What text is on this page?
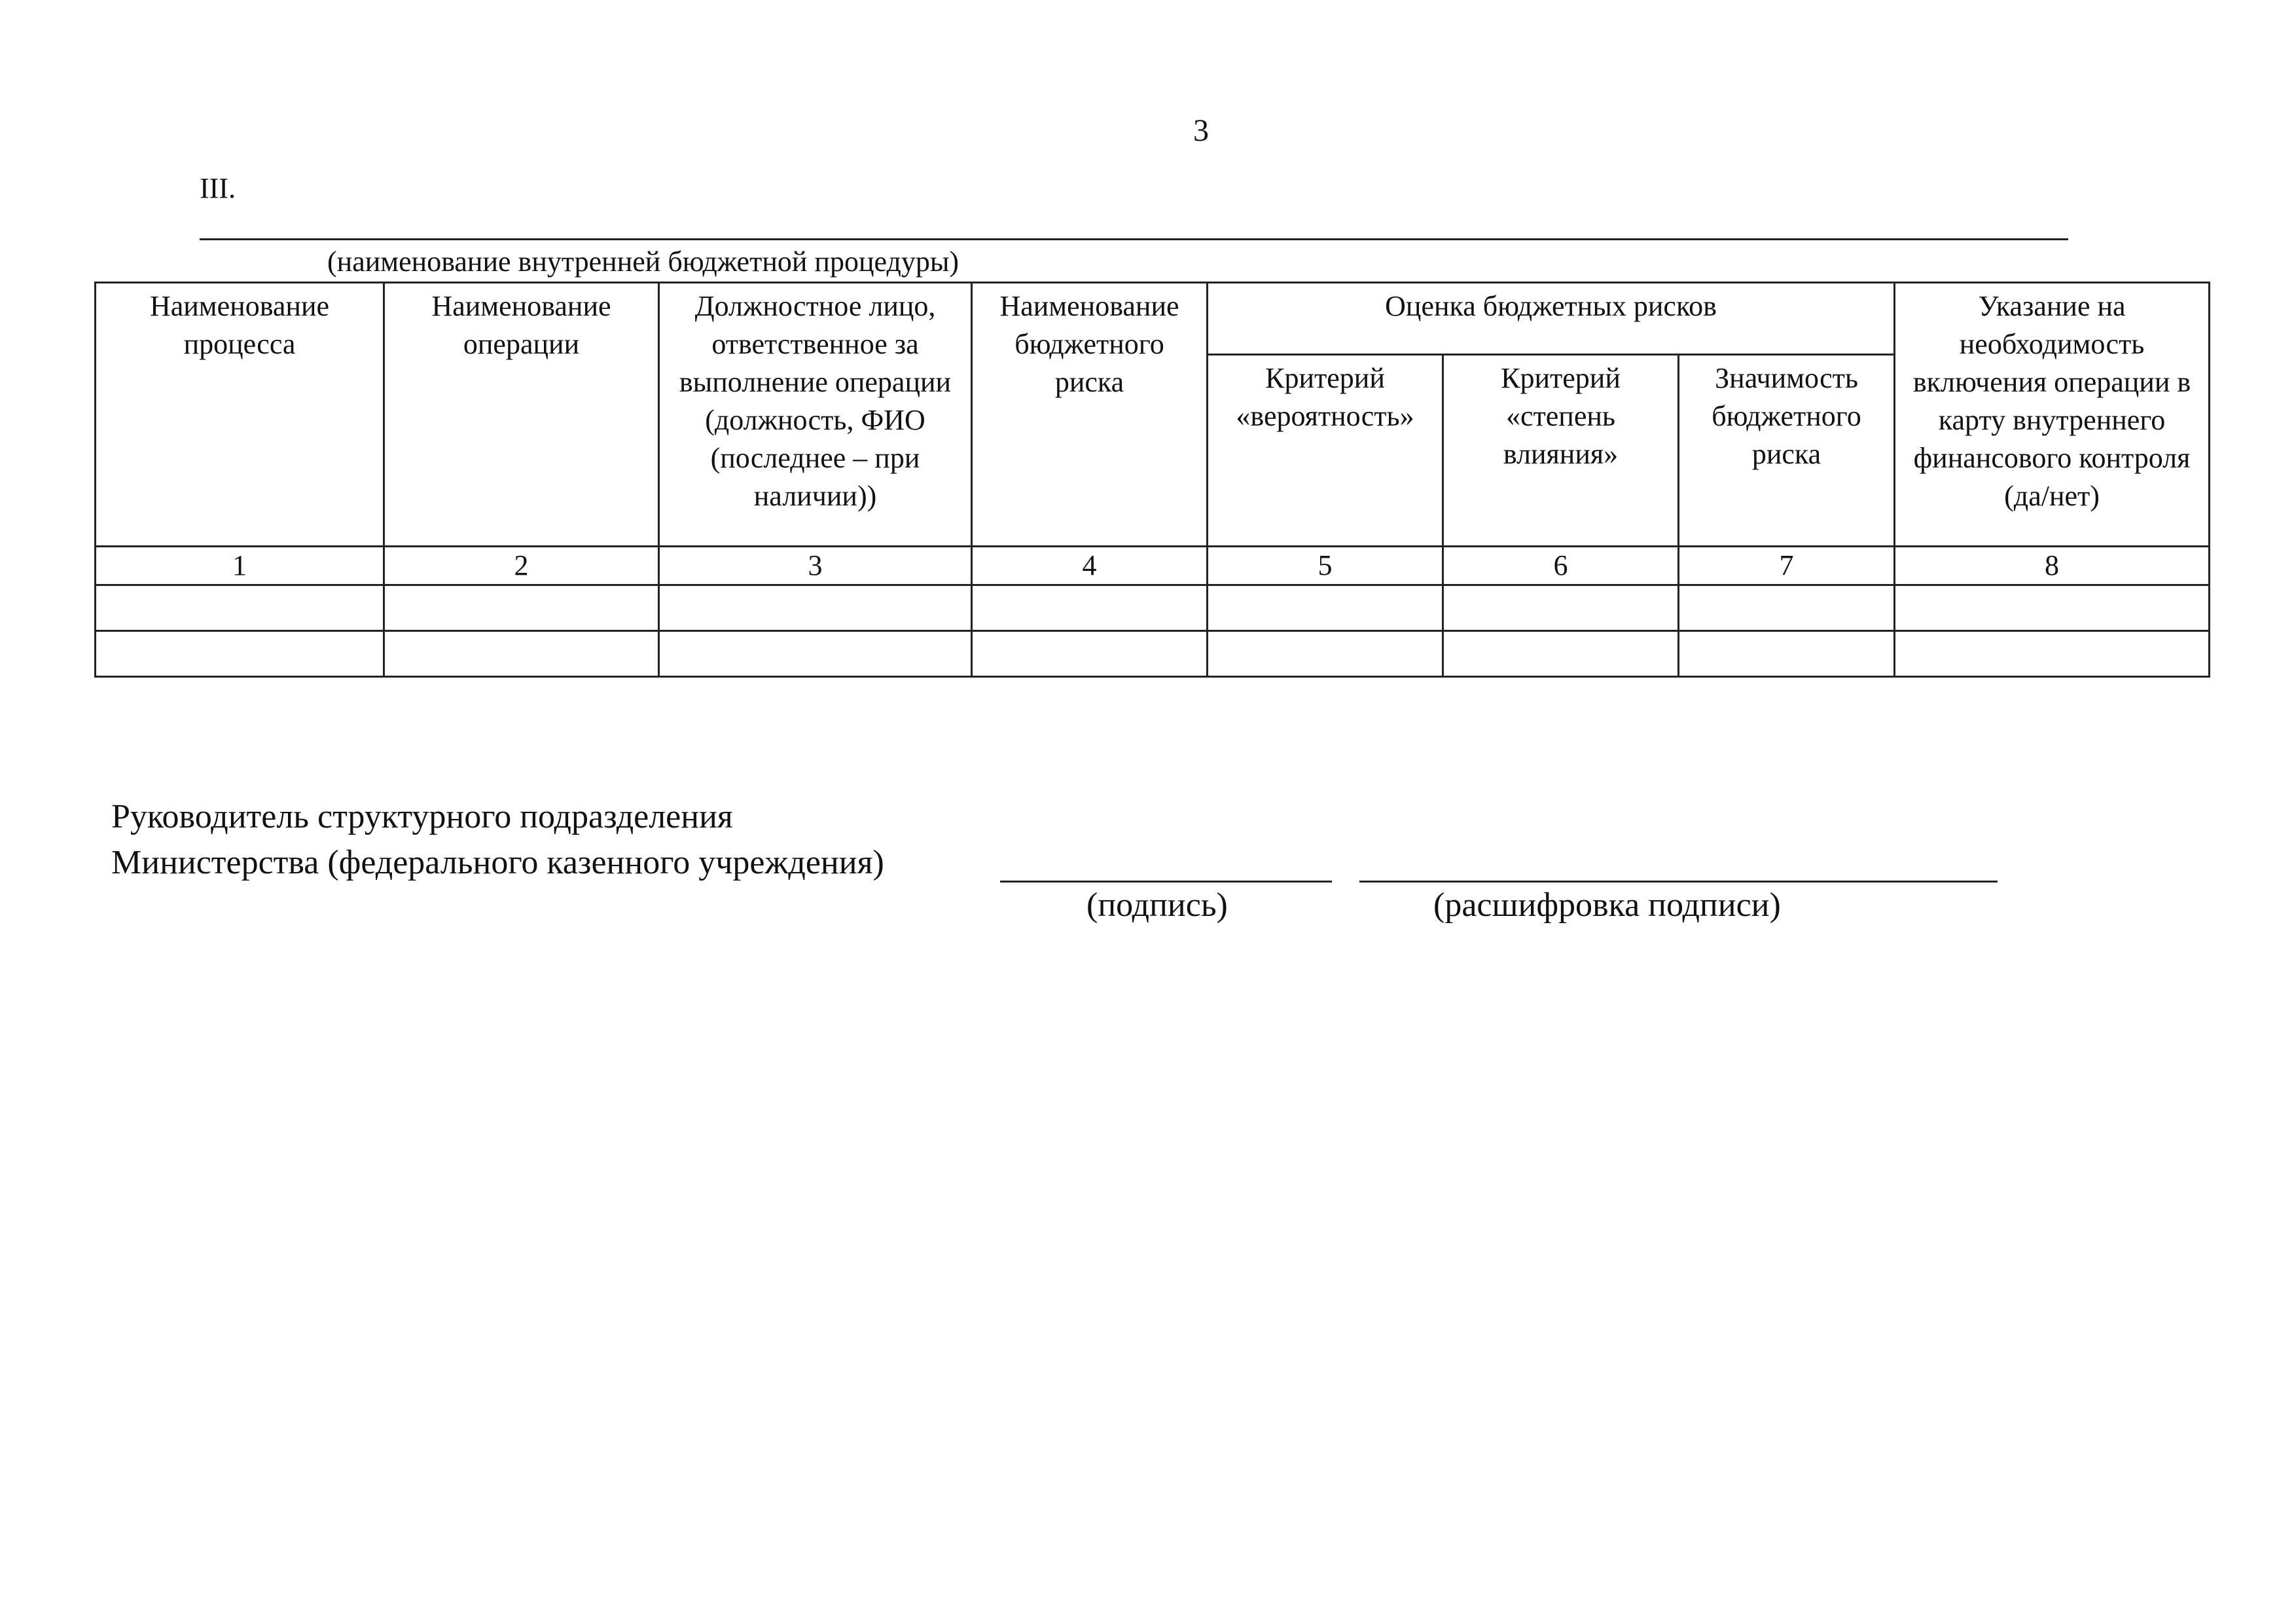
3
III.
(наименование внутренней бюджетной процедуры)
Наименование процесса	Наименование операции	Должностное лицо, ответственное за выполнение операции (должность, ФИО (последнее – при наличии))	Наименование бюджетного риска	Оценка бюджетных рисков			Указание на необходимость включения операции в карту внутреннего финансового контроля (да/нет)
				Критерий «вероятность»	Критерий «степень влияния»	Значимость бюджетного риска	
1	2	3	4	5	6	7	8

Руководитель структурного подразделения
Министерства (федерального казенного учреждения)
(подпись)	(расшифровка подписи)
